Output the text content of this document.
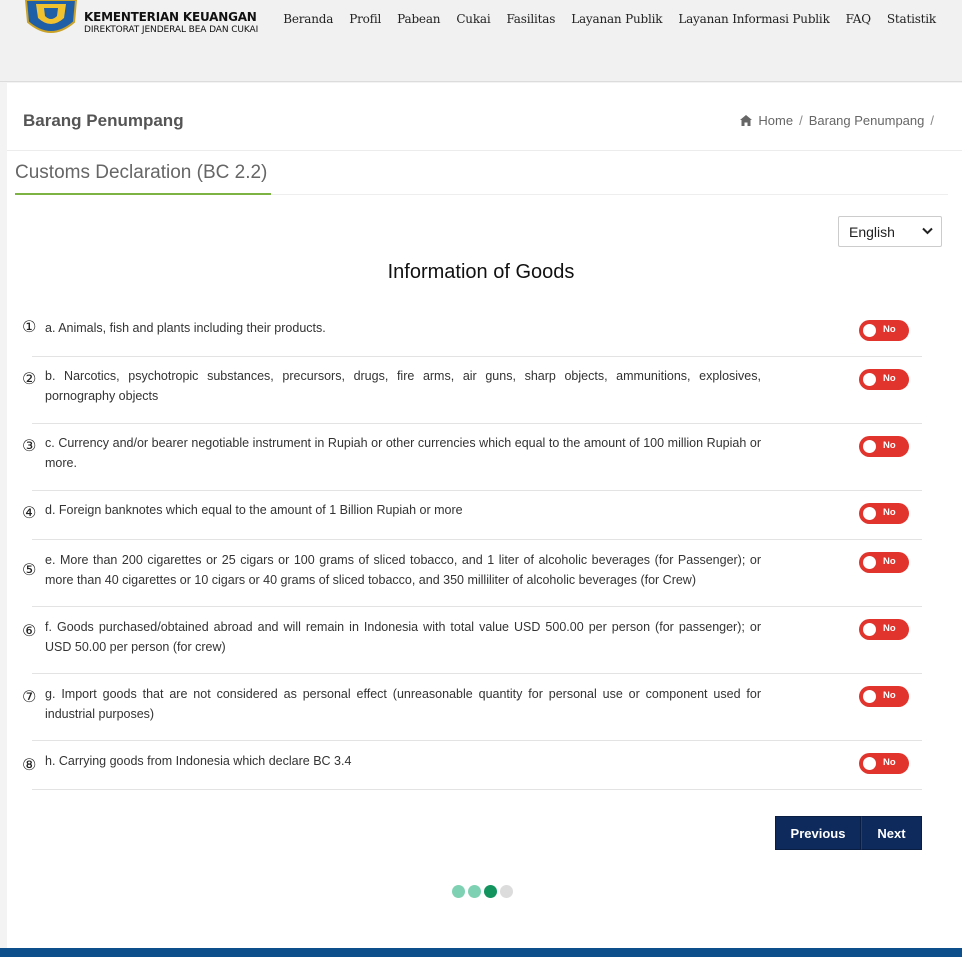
KEMENTERIAN KEUANGAN
DIREKTORAT JENDERAL BEA DAN CUKAI
Beranda Profil Pabean Cukai Fasilitas Layanan Publik Layanan Informasi Publik FAQ Statistik
Barang Penumpang	Home / Barang Penumpang /
Customs Declaration (BC 2.2)
English
Information of Goods
① a. Animals, fish and plants including their products.	No
② b. Narcotics, psychotropic substances, precursors, drugs, fire arms, air guns, sharp objects, ammunitions, explosives, pornography objects
No
③ c. Currency and/or bearer negotiable instrument in Rupiah or other currencies which equal to the amount of 100 million Rupiah or more.
No
④ d. Foreign banknotes which equal to the amount of 1 Billion Rupiah or more	No
⑤ e. More than 200 cigarettes or 25 cigars or 100 grams of sliced tobacco, and 1 liter of alcoholic beverages (for Passenger); or more than 40 cigarettes or 10 cigars or 40 grams of sliced tobacco, and 350 milliliter of alcoholic beverages (for Crew)
No
⑥ f. Goods purchased/obtained abroad and will remain in Indonesia with total value USD 500.00 per person (for passenger); or USD 50.00 per person (for crew)
No
⑦ g. Import goods that are not considered as personal effect (unreasonable quantity for personal use or component used for industrial purposes)
No
⑧ h. Carrying goods from Indonesia which declare BC 3.4	No
Previous	Next
